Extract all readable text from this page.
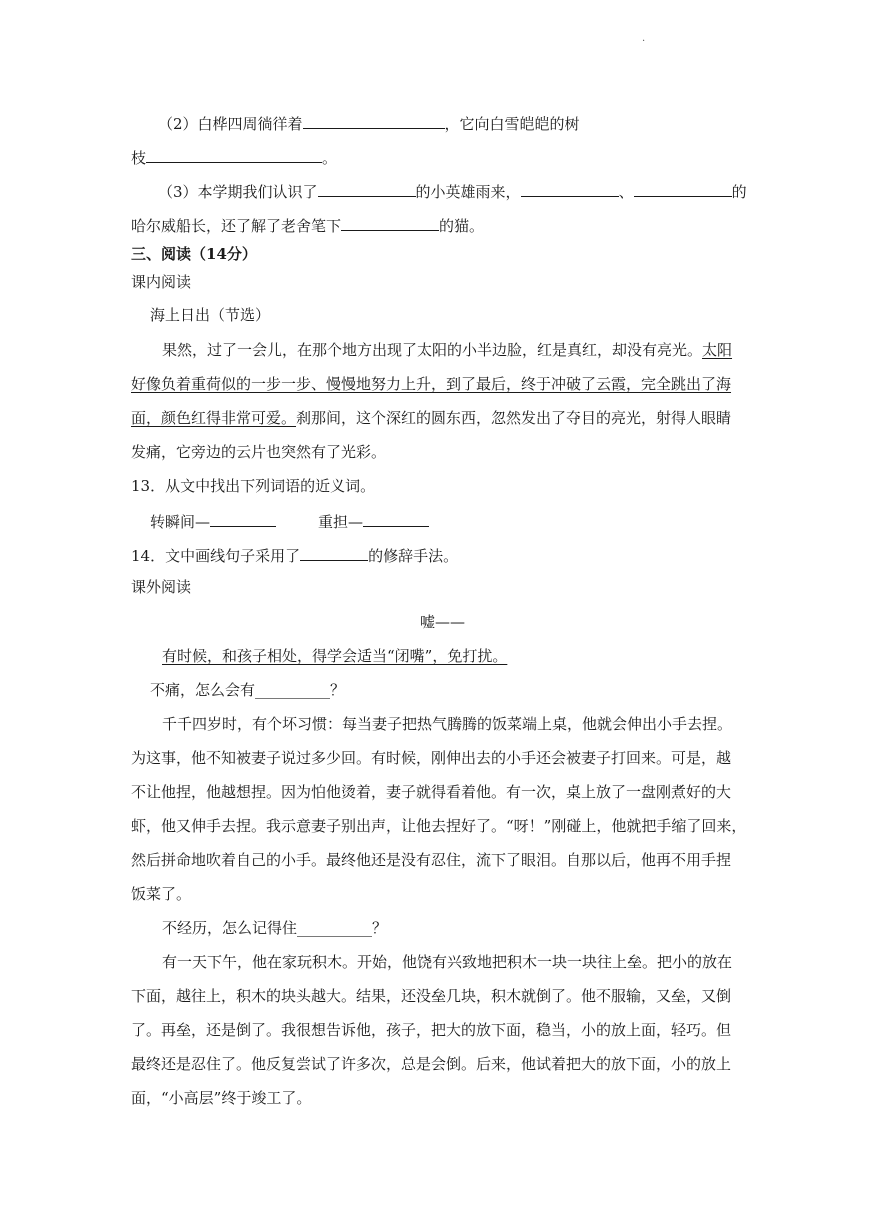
.
（2）白桦四周徜徉着	，它向白雪皑皑的树
枝	。
（3）本学期我们认识了	的小英雄雨来，	、	的
哈尔威船长，还了解了老舍笔下	的猫。
三、阅读（14分）
课内阅读
海上日出（节选）
果然，过了一会儿，在那个地方出现了太阳的小半边脸，红是真红，却没有亮光。太阳
好像负着重荷似的一步一步、慢慢地努力上升，到了最后，终于冲破了云霞，完全跳出了海
面，颜色红得非常可爱。刹那间，这个深红的圆东西，忽然发出了夺目的亮光，射得人眼睛
发痛，它旁边的云片也突然有了光彩。
13．从文中找出下列词语的近义词。
转瞬间—	重担—
14．文中画线句子采用了	的修辞手法。
课外阅读
嘘——
有时候，和孩子相处，得学会适当“闭嘴”，免打扰。
不痛，怎么会有__________？
千千四岁时，有个坏习惯：每当妻子把热气腾腾的饭菜端上桌，他就会伸出小手去捏。
为这事，他不知被妻子说过多少回。有时候，刚伸出去的小手还会被妻子打回来。可是，越
不让他捏，他越想捏。因为怕他烫着，妻子就得看着他。有一次，桌上放了一盘刚煮好的大
虾，他又伸手去捏。我示意妻子别出声，让他去捏好了。“呀！”刚碰上，他就把手缩了回来，
然后拼命地吹着自己的小手。最终他还是没有忍住，流下了眼泪。自那以后，他再不用手捏
饭菜了。
不经历，怎么记得住__________？
有一天下午，他在家玩积木。开始，他饶有兴致地把积木一块一块往上垒。把小的放在
下面，越往上，积木的块头越大。结果，还没垒几块，积木就倒了。他不服输，又垒，又倒
了。再垒，还是倒了。我很想告诉他，孩子，把大的放下面，稳当，小的放上面，轻巧。但
最终还是忍住了。他反复尝试了许多次，总是会倒。后来，他试着把大的放下面，小的放上
面，“小高层”终于竣工了。
